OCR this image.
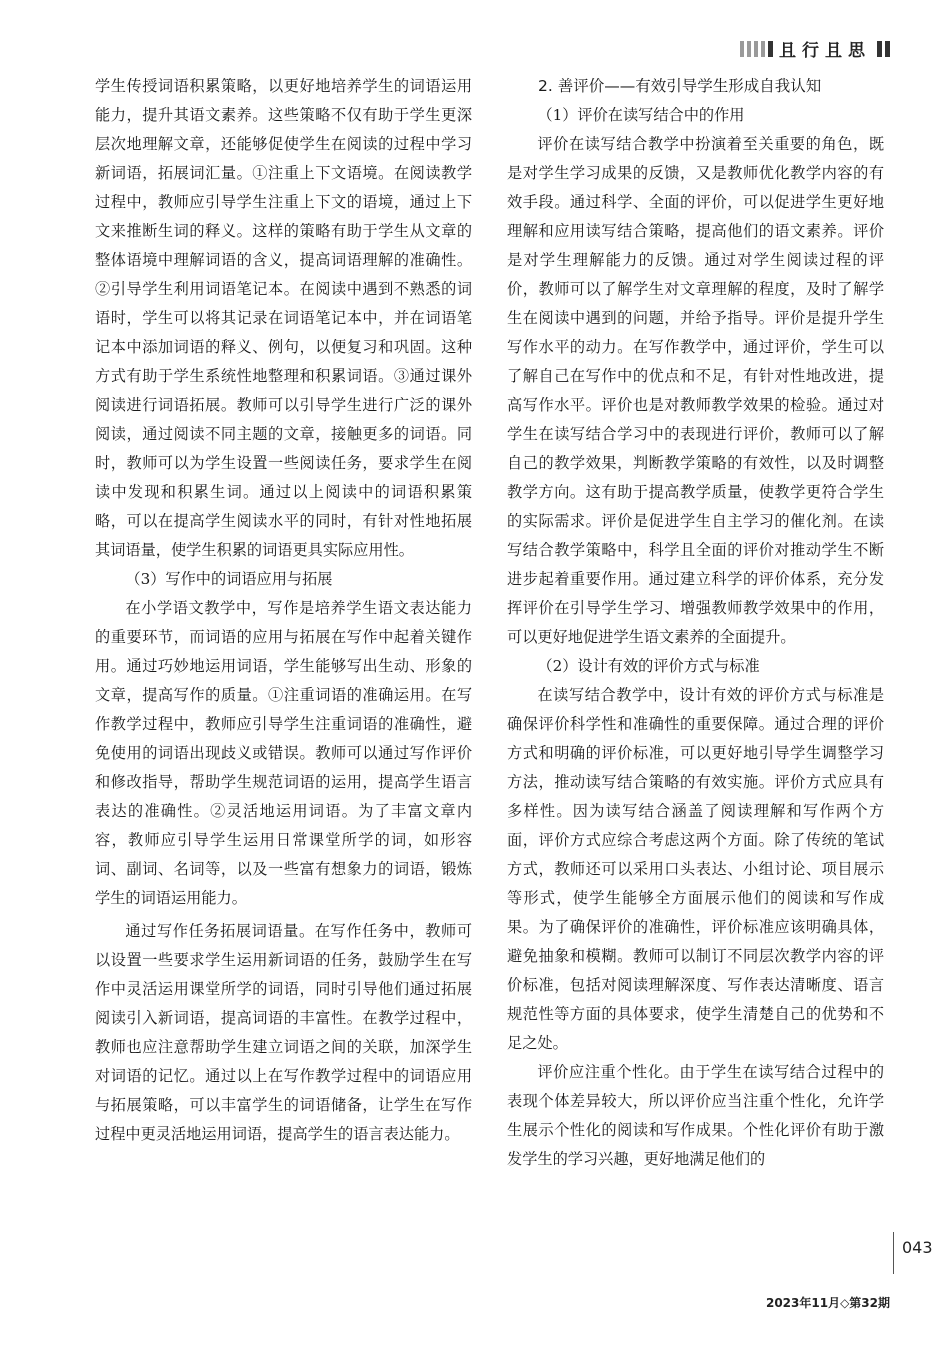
且行且思

学生传授词语积累策略，以更好地培养学生的词语运用能力，提升其语文素养。这些策略不仅有助于学生更深层次地理解文章，还能够促使学生在阅读的过程中学习新词语，拓展词汇量。①注重上下文语境。在阅读教学过程中，教师应引导学生注重上下文的语境，通过上下文来推断生词的释义。这样的策略有助于学生从文章的整体语境中理解词语的含义，提高词语理解的准确性。②引导学生利用词语笔记本。在阅读中遇到不熟悉的词语时，学生可以将其记录在词语笔记本中，并在词语笔记本中添加词语的释义、例句，以便复习和巩固。这种方式有助于学生系统性地整理和积累词语。③通过课外阅读进行词语拓展。教师可以引导学生进行广泛的课外阅读，通过阅读不同主题的文章，接触更多的词语。同时，教师可以为学生设置一些阅读任务，要求学生在阅读中发现和积累生词。通过以上阅读中的词语积累策略，可以在提高学生阅读水平的同时，有针对性地拓展其词语量，使学生积累的词语更具实际应用性。

（3）写作中的词语应用与拓展

在小学语文教学中，写作是培养学生语文表达能力的重要环节，而词语的应用与拓展在写作中起着关键作用。通过巧妙地运用词语，学生能够写出生动、形象的文章，提高写作的质量。①注重词语的准确运用。在写作教学过程中，教师应引导学生注重词语的准确性，避免使用的词语出现歧义或错误。教师可以通过写作评价和修改指导，帮助学生规范词语的运用，提高学生语言表达的准确性。②灵活地运用词语。为了丰富文章内容，教师应引导学生运用日常课堂所学的词，如形容词、副词、名词等，以及一些富有想象力的词语，锻炼学生的词语运用能力。

通过写作任务拓展词语量。在写作任务中，教师可以设置一些要求学生运用新词语的任务，鼓励学生在写作中灵活运用课堂所学的词语，同时引导他们通过拓展阅读引入新词语，提高词语的丰富性。在教学过程中，教师也应注意帮助学生建立词语之间的关联，加深学生对词语的记忆。通过以上在写作教学过程中的词语应用与拓展策略，可以丰富学生的词语储备，让学生在写作过程中更灵活地运用词语，提高学生的语言表达能力。

2. 善评价——有效引导学生形成自我认知

（1）评价在读写结合中的作用

评价在读写结合教学中扮演着至关重要的角色，既是对学生学习成果的反馈，又是教师优化教学内容的有效手段。通过科学、全面的评价，可以促进学生更好地理解和应用读写结合策略，提高他们的语文素养。评价是对学生理解能力的反馈。通过对学生阅读过程的评价，教师可以了解学生对文章理解的程度，及时了解学生在阅读中遇到的问题，并给予指导。评价是提升学生写作水平的动力。在写作教学中，通过评价，学生可以了解自己在写作中的优点和不足，有针对性地改进，提高写作水平。评价也是对教师教学效果的检验。通过对学生在读写结合学习中的表现进行评价，教师可以了解自己的教学效果，判断教学策略的有效性，以及时调整教学方向。这有助于提高教学质量，使教学更符合学生的实际需求。评价是促进学生自主学习的催化剂。在读写结合教学策略中，科学且全面的评价对推动学生不断进步起着重要作用。通过建立科学的评价体系，充分发挥评价在引导学生学习、增强教师教学效果中的作用，可以更好地促进学生语文素养的全面提升。

（2）设计有效的评价方式与标准

在读写结合教学中，设计有效的评价方式与标准是确保评价科学性和准确性的重要保障。通过合理的评价方式和明确的评价标准，可以更好地引导学生调整学习方法，推动读写结合策略的有效实施。评价方式应具有多样性。因为读写结合涵盖了阅读理解和写作两个方面，评价方式应综合考虑这两个方面。除了传统的笔试方式，教师还可以采用口头表达、小组讨论、项目展示等形式，使学生能够全方面展示他们的阅读和写作成果。为了确保评价的准确性，评价标准应该明确具体，避免抽象和模糊。教师可以制订不同层次教学内容的评价标准，包括对阅读理解深度、写作表达清晰度、语言规范性等方面的具体要求，使学生清楚自己的优势和不足之处。

评价应注重个性化。由于学生在读写结合过程中的表现个体差异较大，所以评价应当注重个性化，允许学生展示个性化的阅读和写作成果。个性化评价有助于激发学生的学习兴趣，更好地满足他们的

043
2023年11月◇第32期
